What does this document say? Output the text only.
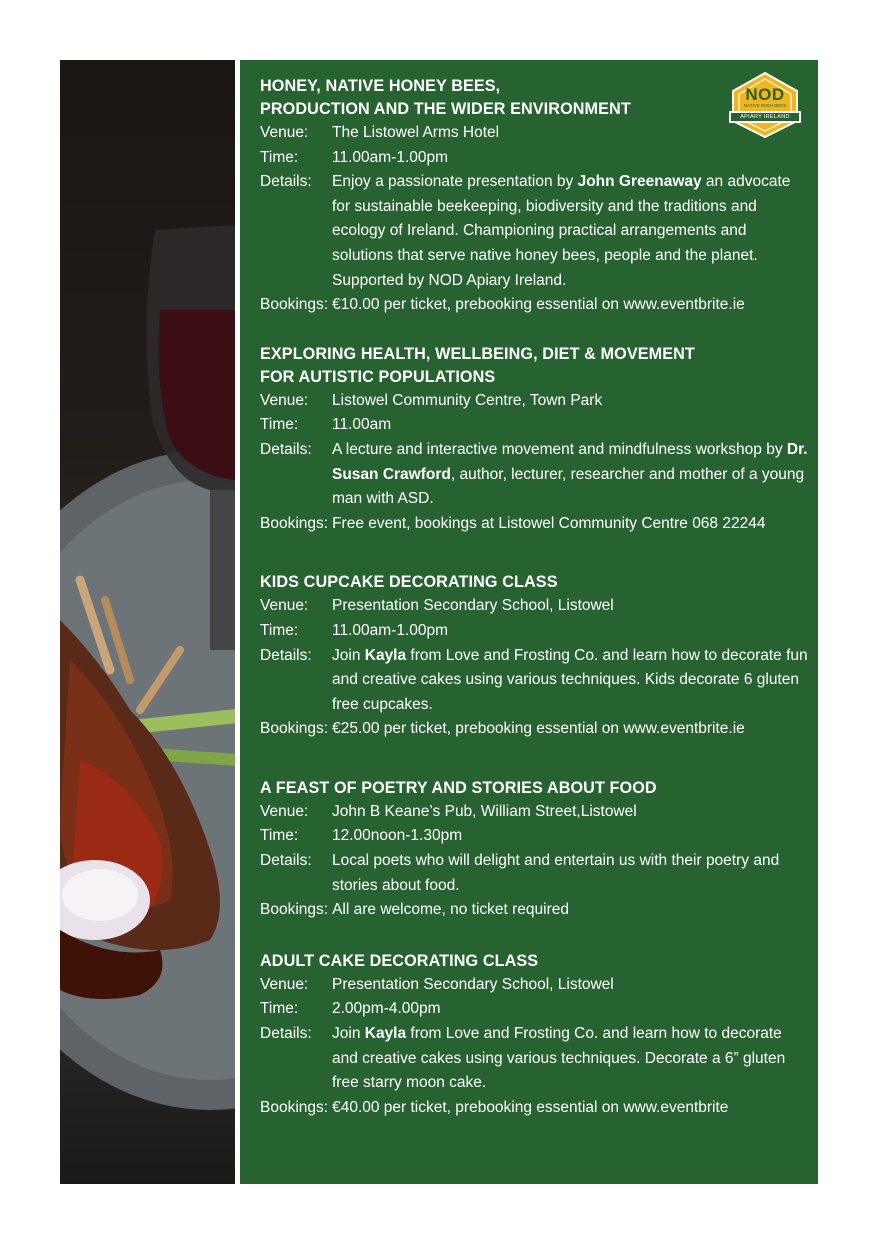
NOD
NATIVE IRISH BEES
APIARY IRELAND
HONEY, NATIVE HONEY BEES,
PRODUCTION AND THE WIDER ENVIRONMENT
Venue:	The Listowel Arms Hotel
Time:	11.00am-1.00pm
Details:	Enjoy a passionate presentation by John Greenaway an advocate for sustainable beekeeping, biodiversity and the traditions and ecology of Ireland. Championing practical arrangements and solutions that serve native honey bees, people and the planet. Supported by NOD Apiary Ireland.
Bookings: €10.00 per ticket, prebooking essential on www.eventbrite.ie
EXPLORING HEALTH, WELLBEING, DIET & MOVEMENT
FOR AUTISTIC POPULATIONS
Venue:	Listowel Community Centre, Town Park
Time:	11.00am
Details:	A lecture and interactive movement and mindfulness workshop by Dr. Susan Crawford, author, lecturer, researcher and mother of a young man with ASD.
Bookings: Free event, bookings at Listowel Community Centre 068 22244
KIDS CUPCAKE DECORATING CLASS
Venue:	Presentation Secondary School, Listowel
Time:	11.00am-1.00pm
Details:	Join Kayla from Love and Frosting Co. and learn how to decorate fun and creative cakes using various techniques. Kids decorate 6 gluten free cupcakes.
Bookings: €25.00 per ticket, prebooking essential on www.eventbrite.ie
A FEAST OF POETRY AND STORIES ABOUT FOOD
Venue:	John B Keane’s Pub, William Street,Listowel
Time:	12.00noon-1.30pm
Details:	Local poets who will delight and entertain us with their poetry and stories about food.
Bookings: All are welcome, no ticket required
ADULT CAKE DECORATING CLASS
Venue:	Presentation Secondary School, Listowel
Time:	2.00pm-4.00pm
Details:	Join Kayla from Love and Frosting Co. and learn how to decorate and creative cakes using various techniques. Decorate a 6” gluten free starry moon cake.
Bookings: €40.00 per ticket, prebooking essential on www.eventbrite
